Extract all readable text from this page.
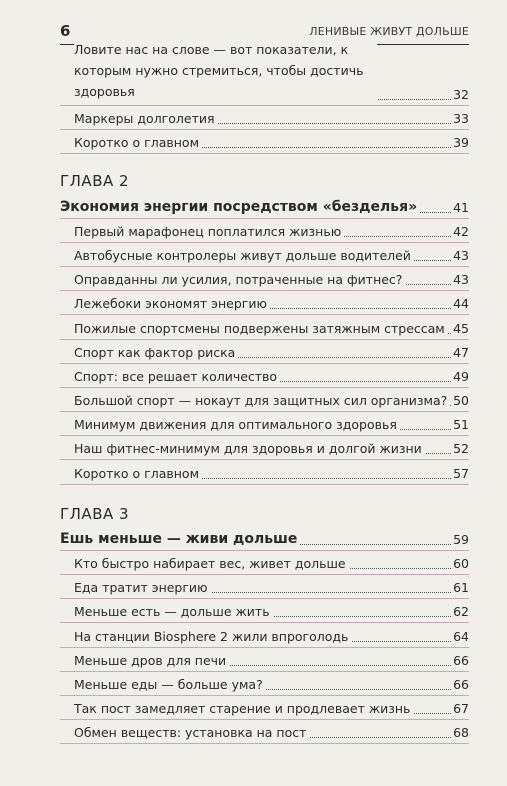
6	ЛЕНИВЫЕ ЖИВУТ ДОЛЬШЕ
Ловите нас на слове — вот показатели, к которым нужно стремиться, чтобы достичь здоровья	32
Маркеры долголетия	33
Коротко о главном	39
ГЛАВА 2
Экономия энергии посредством «безделья»	41
Первый марафонец поплатился жизнью	42
Автобусные контролеры живут дольше водителей	43
Оправданны ли усилия, потраченные на фитнес?	43
Лежебоки экономят энергию	44
Пожилые спортсмены подвержены затяжным стрессам 45
Спорт как фактор риска	47
Спорт: все решает количество	49
Большой спорт — нокаут для защитных сил организма? 50
Минимум движения для оптимального здоровья	51
Наш фитнес-минимум для здоровья и долгой жизни	52
Коротко о главном	57
ГЛАВА 3
Ешь меньше — живи дольше	59
Кто быстро набирает вес, живет дольше	60
Еда тратит энергию	61
Меньше есть — дольше жить	62
На станции Biosphere 2 жили впроголодь	64
Меньше дров для печи	66
Меньше еды — больше ума?	66
Так пост замедляет старение и продлевает жизнь	67
Обмен веществ: установка на пост	68
